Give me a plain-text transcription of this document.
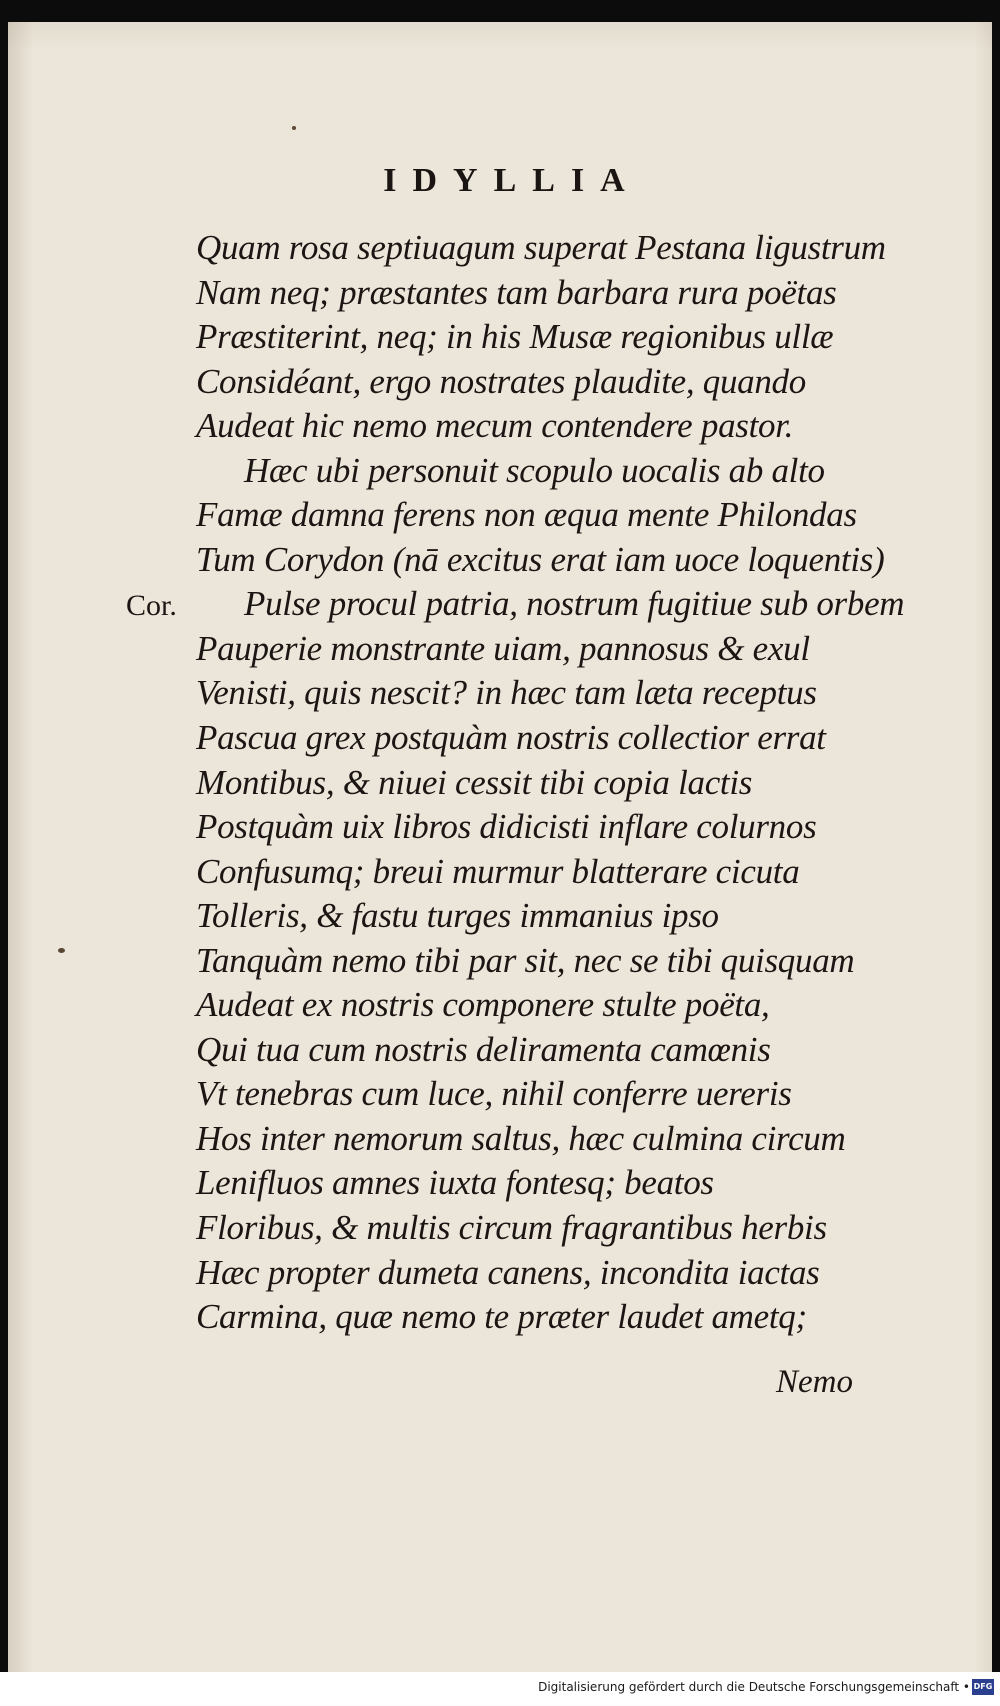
IDYLLIA
Cor.
Quam rosa septiuagum superat Pestana ligustrum
Nam neq; præstantes tam barbara rura poëtas
Præstiterint, neq; in his Musæ regionibus ullæ
Considéant, ergo nostrates plaudite, quando
Audeat hic nemo mecum contendere pastor.
Hæc ubi personuit scopulo uocalis ab alto
Famæ damna ferens non æqua mente Philondas
Tum Corydon (nā excitus erat iam uoce loquentis)
Pulse procul patria, nostrum fugitiue sub orbem
Pauperie monstrante uiam, pannosus & exul
Venisti, quis nescit? in hæc tam læta receptus
Pascua grex postquàm nostris collectior errat
Montibus, & niuei cessit tibi copia lactis
Postquàm uix libros didicisti inflare colurnos
Confusumq; breui murmur blatterare cicuta
Tolleris, & fastu turges immanius ipso
Tanquàm nemo tibi par sit, nec se tibi quisquam
Audeat ex nostris componere stulte poëta,
Qui tua cum nostris deliramenta camœnis
Vt tenebras cum luce, nihil conferre uereris
Hos inter nemorum saltus, hæc culmina circum
Lenifluos amnes iuxta fontesq; beatos
Floribus, & multis circum fragrantibus herbis
Hæc propter dumeta canens, incondita iactas
Carmina, quæ nemo te præter laudet ametq;
Nemo
Digitalisierung gefördert durch die Deutsche Forschungsgemeinschaft • DFG
